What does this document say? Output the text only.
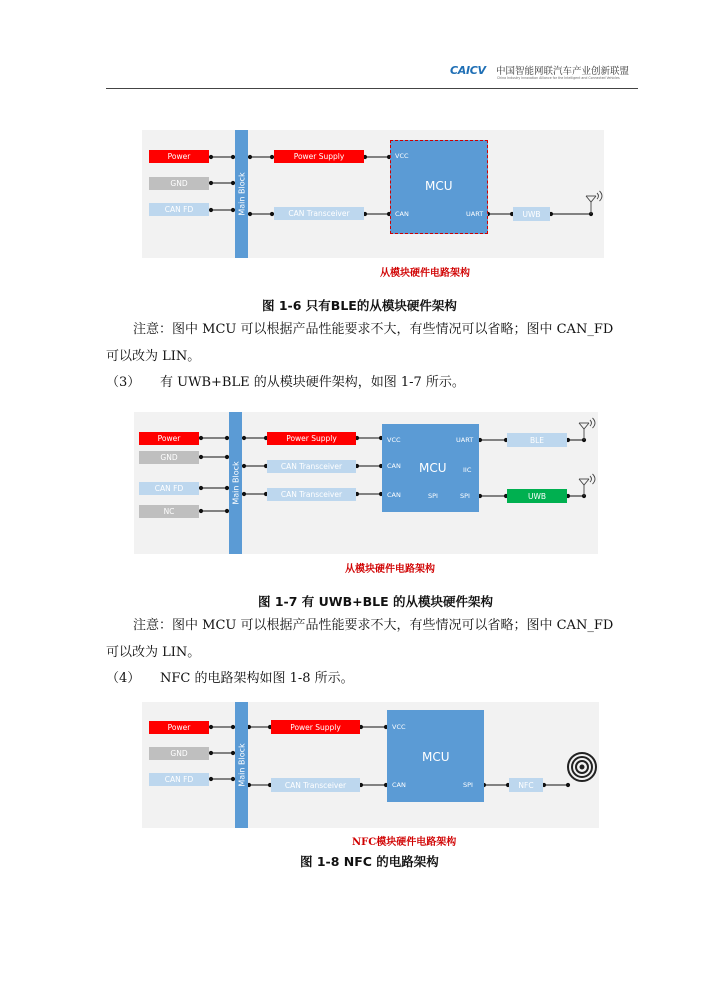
CAICV 中国智能网联汽车产业创新联盟
China Industry Innovation Alliance for the Intelligent and Connected Vehicles
Power
GND
CAN FD	Main Block
Power Supply
CAN Transceiver
MCU
VCC
CAN	UART	UWB
从模块硬件电路架构
图 1-6 只有BLE的从模块硬件架构
注意：图中 MCU 可以根据产品性能要求不大，有些情况可以省略；图中 CAN_FD
可以改为 LIN。
（3） 有 UWB+BLE 的从模块硬件架构，如图 1-7 所示。
Power
GND
CAN FD
NC
Main Block
Power Supply
CAN Transceiver
CAN Transceiver
MCU
VCC
CAN
CAN
UART
IIC
SPI	SPI
BLE
UWB
从模块硬件电路架构
图 1-7 有 UWB+BLE 的从模块硬件架构
注意：图中 MCU 可以根据产品性能要求不大，有些情况可以省略；图中 CAN_FD
可以改为 LIN。
（4） NFC 的电路架构如图 1-8 所示。
Power
GND
CAN FD	Main Block
Power Supply
CAN Transceiver
MCU
VCC
CAN	SPI	NFC
NFC模块硬件电路架构
图 1-8 NFC 的电路架构
